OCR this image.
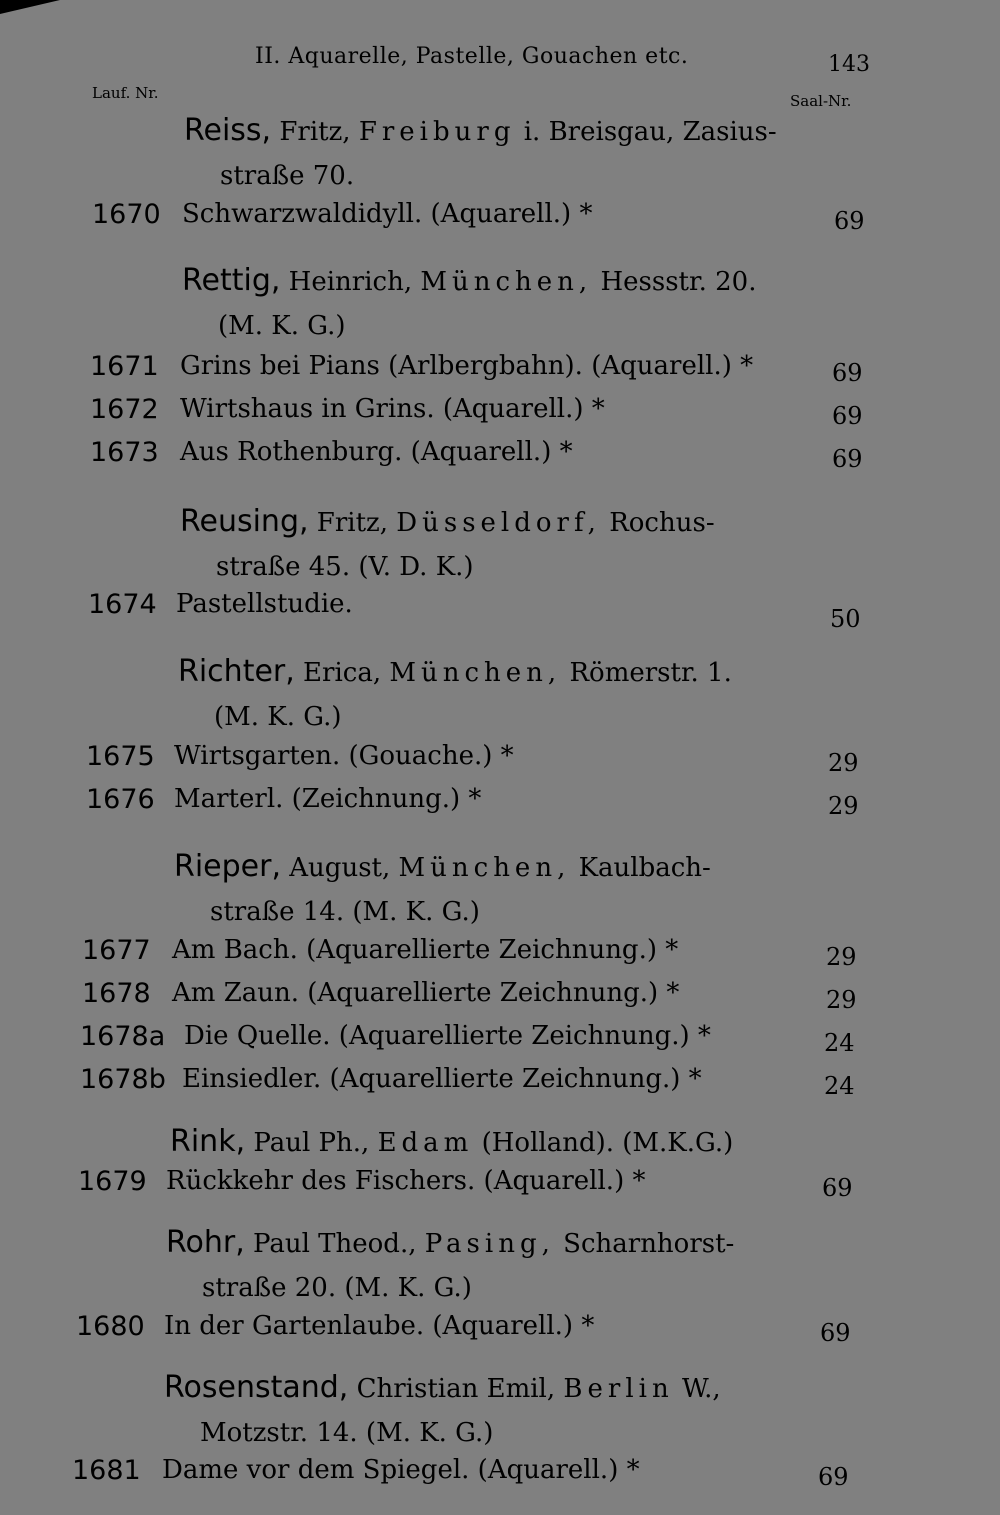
II. Aquarelle, Pastelle, Gouachen etc.	143
Lauf. Nr.	Saal-Nr.
Reiss, Fritz, Freiburg i. Breisgau, Zasius-
straße 70.
1670 Schwarzwaldidyll. (Aquarell.) *	69
Rettig, Heinrich, München, Hessstr. 20.
(M. K. G.)
1671 Grins bei Pians (Arlbergbahn). (Aquarell.) *	69
1672 Wirtshaus in Grins. (Aquarell.) *	69
1673 Aus Rothenburg. (Aquarell.) *	69
Reusing, Fritz, Düsseldorf, Rochus-
straße 45. (V. D. K.)
1674 Pastellstudie.	50
Richter, Erica, München, Römerstr. 1.
(M. K. G.)
1675 Wirtsgarten. (Gouache.) *	29
1676 Marterl. (Zeichnung.) *	29
Rieper, August, München, Kaulbach-
straße 14. (M. K. G.)
1677 Am Bach. (Aquarellierte Zeichnung.) *	29
1678 Am Zaun. (Aquarellierte Zeichnung.) *	29
1678a Die Quelle. (Aquarellierte Zeichnung.) *	24
1678b Einsiedler. (Aquarellierte Zeichnung.) *	24
Rink, Paul Ph., Edam (Holland). (M.K.G.)
1679 Rückkehr des Fischers. (Aquarell.) *	69
Rohr, Paul Theod., Pasing, Scharnhorst-
straße 20. (M. K. G.)
1680 In der Gartenlaube. (Aquarell.) *	69
Rosenstand, Christian Emil, Berlin W.,
Motzstr. 14. (M. K. G.)
1681 Dame vor dem Spiegel. (Aquarell.) *	69
